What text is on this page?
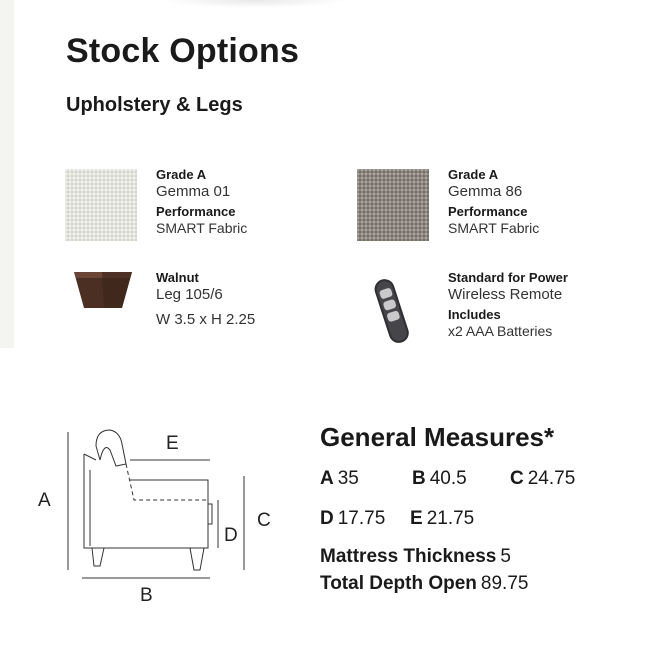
Stock Options
Upholstery & Legs
Grade A
Gemma 01
Performance
SMART Fabric
Grade A
Gemma 86
Performance
SMART Fabric
Walnut
Leg 105/6
W 3.5 x H 2.25
Standard for Power
Wireless Remote
Includes
x2 AAA Batteries
A
E
B
D
C
General Measures*
A 35	B 40.5 C 24.75
D 17.75 E 21.75
Mattress Thickness 5
Total Depth Open 89.75
